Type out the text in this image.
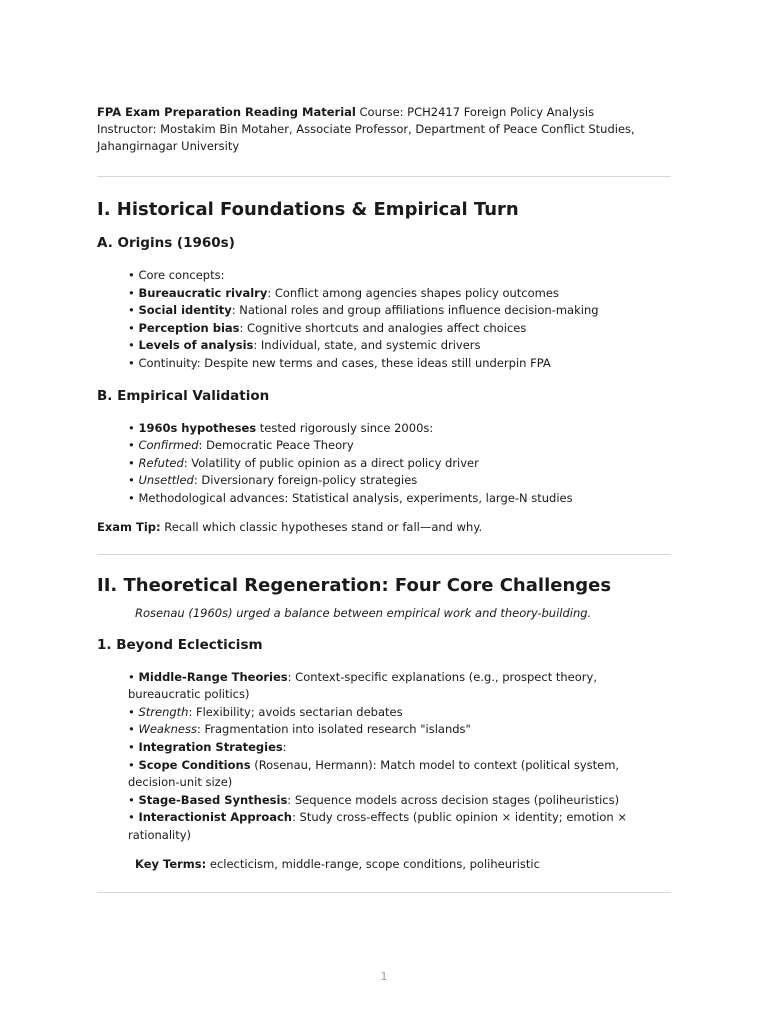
FPA Exam Preparation Reading Material Course: PCH2417 Foreign Policy Analysis
Instructor: Mostakim Bin Motaher, Associate Professor, Department of Peace Conflict Studies, Jahangirnagar University
I. Historical Foundations & Empirical Turn
A. Origins (1960s)
• Core concepts:
• Bureaucratic rivalry: Conflict among agencies shapes policy outcomes
• Social identity: National roles and group affiliations influence decision-making
• Perception bias: Cognitive shortcuts and analogies affect choices
• Levels of analysis: Individual, state, and systemic drivers
• Continuity: Despite new terms and cases, these ideas still underpin FPA
B. Empirical Validation
• 1960s hypotheses tested rigorously since 2000s:
• Confirmed: Democratic Peace Theory
• Refuted: Volatility of public opinion as a direct policy driver
• Unsettled: Diversionary foreign-policy strategies
• Methodological advances: Statistical analysis, experiments, large-N studies
Exam Tip: Recall which classic hypotheses stand or fall—and why.
II. Theoretical Regeneration: Four Core Challenges
Rosenau (1960s) urged a balance between empirical work and theory-building.
1. Beyond Eclecticism
• Middle-Range Theories: Context-specific explanations (e.g., prospect theory, bureaucratic politics)
• Strength: Flexibility; avoids sectarian debates
• Weakness: Fragmentation into isolated research "islands"
• Integration Strategies:
• Scope Conditions (Rosenau, Hermann): Match model to context (political system, decision-unit size)
• Stage-Based Synthesis: Sequence models across decision stages (poliheuristics)
• Interactionist Approach: Study cross-effects (public opinion × identity; emotion × rationality)
Key Terms: eclecticism, middle-range, scope conditions, poliheuristic
1
